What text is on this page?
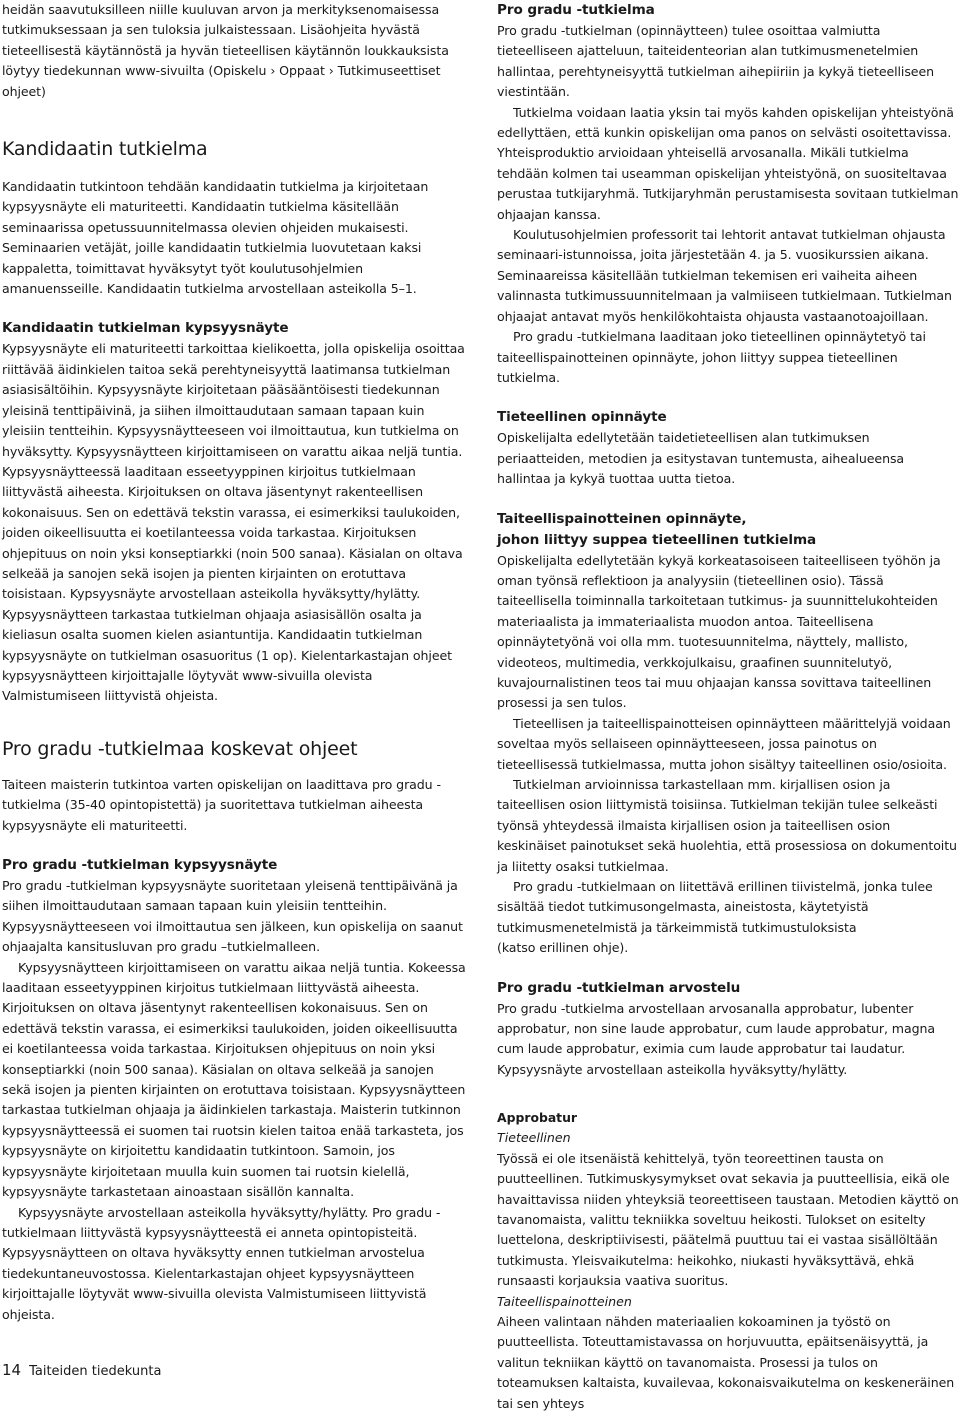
heidän saavutuksilleen niille kuuluvan arvon ja merkityksenomaisessa tutkimuksessaan ja sen tuloksia julkaistessaan. Lisäohjeita hyvästä tieteellisestä käytännöstä ja hyvän tieteellisen käytännön loukkauksista löytyy tiedekunnan www-sivuilta (Opiskelu › Oppaat › Tutkimuseettiset ohjeet)

Kandidaatin tutkielma

Kandidaatin tutkintoon tehdään kandidaatin tutkielma ja kirjoitetaan kypsyysnäyte eli maturiteetti. Kandidaatin tutkielma käsitellään seminaarissa opetussuunnitelmassa olevien ohjeiden mukaisesti. Seminaarien vetäjät, joille kandidaatin tutkielmia luovutetaan kaksi kappaletta, toimittavat hyväksytyt työt koulutusohjelmien amanuensseille. Kandidaatin tutkielma arvostellaan asteikolla 5–1.

Kandidaatin tutkielman kypsyysnäyte

Kypsyysnäyte eli maturiteetti tarkoittaa kielikoetta, jolla opiskelija osoittaa riittävää äidinkielen taitoa sekä perehtyneisyyttä laatimansa tutkielman asiasisältöihin. Kypsyysnäyte kirjoitetaan pääsääntöisesti tiedekunnan yleisinä tenttipäivinä, ja siihen ilmoittaudutaan samaan tapaan kuin yleisiin tentteihin. Kypsyysnäytteeseen voi ilmoittautua, kun tutkielma on hyväksytty. Kypsyysnäytteen kirjoittamiseen on varattu aikaa neljä tuntia. Kypsyysnäytteessä laaditaan esseetyyppinen kirjoitus tutkielmaan liittyvästä aiheesta. Kirjoituksen on oltava jäsentynyt rakenteellisen kokonaisuus. Sen on edettävä tekstin varassa, ei esimerkiksi taulukoiden, joiden oikeellisuutta ei koetilanteessa voida tarkastaa. Kirjoituksen ohjepituus on noin yksi konseptiarkki (noin 500 sanaa). Käsialan on oltava selkeää ja sanojen sekä isojen ja pienten kirjainten on erotuttava toisistaan. Kypsyysnäyte arvostellaan asteikolla hyväksytty/hylätty. Kypsyysnäytteen tarkastaa tutkielman ohjaaja asiasisällön osalta ja kieliasun osalta suomen kielen asiantuntija. Kandidaatin tutkielman kypsyysnäyte on tutkielman osasuoritus (1 op). Kielentarkastajan ohjeet kypsyysnäytteen kirjoittajalle löytyvät www-sivuilla olevista Valmistumiseen liittyvistä ohjeista.

Pro gradu -tutkielmaa koskevat ohjeet

Taiteen maisterin tutkintoa varten opiskelijan on laadittava pro gradu -tutkielma (35-40 opintopistettä) ja suoritettava tutkielman aiheesta kypsyysnäyte eli maturiteetti.

Pro gradu -tutkielman kypsyysnäyte

Pro gradu -tutkielman kypsyysnäyte suoritetaan yleisenä tenttipäivänä ja siihen ilmoittaudutaan samaan tapaan kuin yleisiin tentteihin. Kypsyysnäytteeseen voi ilmoittautua sen jälkeen, kun opiskelija on saanut ohjaajalta kansitusluvan pro gradu –tutkielmalleen.

Kypsyysnäytteen kirjoittamiseen on varattu aikaa neljä tuntia. Kokeessa laaditaan esseetyyppinen kirjoitus tutkielmaan liittyvästä aiheesta. Kirjoituksen on oltava jäsentynyt rakenteellisen kokonaisuus. Sen on edettävä tekstin varassa, ei esimerkiksi taulukoiden, joiden oikeellisuutta ei koetilanteessa voida tarkastaa. Kirjoituksen ohjepituus on noin yksi konseptiarkki (noin 500 sanaa). Käsialan on oltava selkeää ja sanojen sekä isojen ja pienten kirjainten on erotuttava toisistaan. Kypsyysnäytteen tarkastaa tutkielman ohjaaja ja äidinkielen tarkastaja. Maisterin tutkinnon kypsyysnäytteessä ei suomen tai ruotsin kielen taitoa enää tarkasteta, jos kypsyysnäyte on kirjoitettu kandidaatin tutkintoon. Samoin, jos kypsyysnäyte kirjoitetaan muulla kuin suomen tai ruotsin kielellä, kypsyysnäyte tarkastetaan ainoastaan sisällön kannalta.

Kypsyysnäyte arvostellaan asteikolla hyväksytty/hylätty. Pro gradu -tutkielmaan liittyvästä kypsyysnäytteestä ei anneta opintopisteitä. Kypsyysnäytteen on oltava hyväksytty ennen tutkielman arvostelua tiedekuntaneuvostossa. Kielentarkastajan ohjeet kypsyysnäytteen kirjoittajalle löytyvät www-sivuilla olevista Valmistumiseen liittyvistä ohjeista.

Pro gradu -tutkielma

Pro gradu -tutkielman (opinnäytteen) tulee osoittaa valmiutta tieteelliseen ajatteluun, taiteidenteorian alan tutkimusmenetelmien hallintaa, perehtyneisyyttä tutkielman aihepiiriin ja kykyä tieteelliseen viestintään.

Tutkielma voidaan laatia yksin tai myös kahden opiskelijan yhteistyönä edellyttäen, että kunkin opiskelijan oma panos on selvästi osoitettavissa. Yhteisproduktio arvioidaan yhteisellä arvosanalla. Mikäli tutkielma tehdään kolmen tai useamman opiskelijan yhteistyönä, on suositeltavaa perustaa tutkijaryhmä. Tutkijaryhmän perustamisesta sovitaan tutkielman ohjaajan kanssa.

Koulutusohjelmien professorit tai lehtorit antavat tutkielman ohjausta seminaari-istunnoissa, joita järjestetään 4. ja 5. vuosikurssien aikana. Seminaareissa käsitellään tutkielman tekemisen eri vaiheita aiheen valinnasta tutkimussuunnitelmaan ja valmiiseen tutkielmaan. Tutkielman ohjaajat antavat myös henkilökohtaista ohjausta vastaanotoajoillaan.

Pro gradu -tutkielmana laaditaan joko tieteellinen opinnäytetyö tai taiteellispainotteinen opinnäyte, johon liittyy suppea tieteellinen tutkielma.

Tieteellinen opinnäyte

Opiskelijalta edellytetään taidetieteellisen alan tutkimuksen periaatteiden, metodien ja esitystavan tuntemusta, aihealueensa hallintaa ja kykyä tuottaa uutta tietoa.

Taiteellispainotteinen opinnäyte,
johon liittyy suppea tieteellinen tutkielma

Opiskelijalta edellytetään kykyä korkeatasoiseen taiteelliseen työhön ja oman työnsä reflektioon ja analyysiin (tieteellinen osio). Tässä taiteellisella toiminnalla tarkoitetaan tutkimus- ja suunnittelukohteiden materiaalista ja immateriaalista muodon antoa. Taiteellisena opinnäytetyönä voi olla mm. tuotesuunnitelma, näyttely, mallisto, videoteos, multimedia, verkkojulkaisu, graafinen suunnitelutyö, kuvajournalistinen teos tai muu ohjaajan kanssa sovittava taiteellinen prosessi ja sen tulos.

Tieteellisen ja taiteellispainotteisen opinnäytteen määrittelyjä voidaan soveltaa myös sellaiseen opinnäytteeseen, jossa painotus on tieteellisessä tutkielmassa, mutta johon sisältyy taiteellinen osio/osioita.

Tutkielman arvioinnissa tarkastellaan mm. kirjallisen osion ja taiteellisen osion liittymistä toisiinsa. Tutkielman tekijän tulee selkeästi työnsä yhteydessä ilmaista kirjallisen osion ja taiteellisen osion keskinäiset painotukset sekä huolehtia, että prosessiosa on dokumentoitu ja liitetty osaksi tutkielmaa.

Pro gradu -tutkielmaan on liitettävä erillinen tiivistelmä, jonka tulee sisältää tiedot tutkimusongelmasta, aineistosta, käytetyistä tutkimusmenetelmistä ja tärkeimmistä tutkimustuloksista

(katso erillinen ohje).

Pro gradu -tutkielman arvostelu

Pro gradu -tutkielma arvostellaan arvosanalla approbatur, lubenter approbatur, non sine laude approbatur, cum laude approbatur, magna cum laude approbatur, eximia cum laude approbatur tai laudatur. Kypsyysnäyte arvostellaan asteikolla hyväksytty/hylätty.

Approbatur

Tieteellinen

Työssä ei ole itsenäistä kehittelyä, työn teoreettinen tausta on puutteellinen. Tutkimuskysymykset ovat sekavia ja puutteellisia, eikä ole havaittavissa niiden yhteyksiä teoreettiseen taustaan. Metodien käyttö on tavanomaista, valittu tekniikka soveltuu heikosti. Tulokset on esitelty luettelona, deskriptiivisesti, päätelmä puuttuu tai ei vastaa sisällöltään tutkimusta. Yleisvaikutelma: heikohko, niukasti hyväksyttävä, ehkä runsaasti korjauksia vaativa suoritus.

Taiteellispainotteinen

Aiheen valintaan nähden materiaalien kokoaminen ja työstö on puutteellista. Toteuttamistavassa on horjuvuutta, epäitsenäisyyttä, ja valitun tekniikan käyttö on tavanomaista. Prosessi ja tulos on toteamuksen kaltaista, kuvailevaa, kokonaisvaikutelma on keskeneräinen tai sen yhteys

14 Taiteiden tiedekunta
